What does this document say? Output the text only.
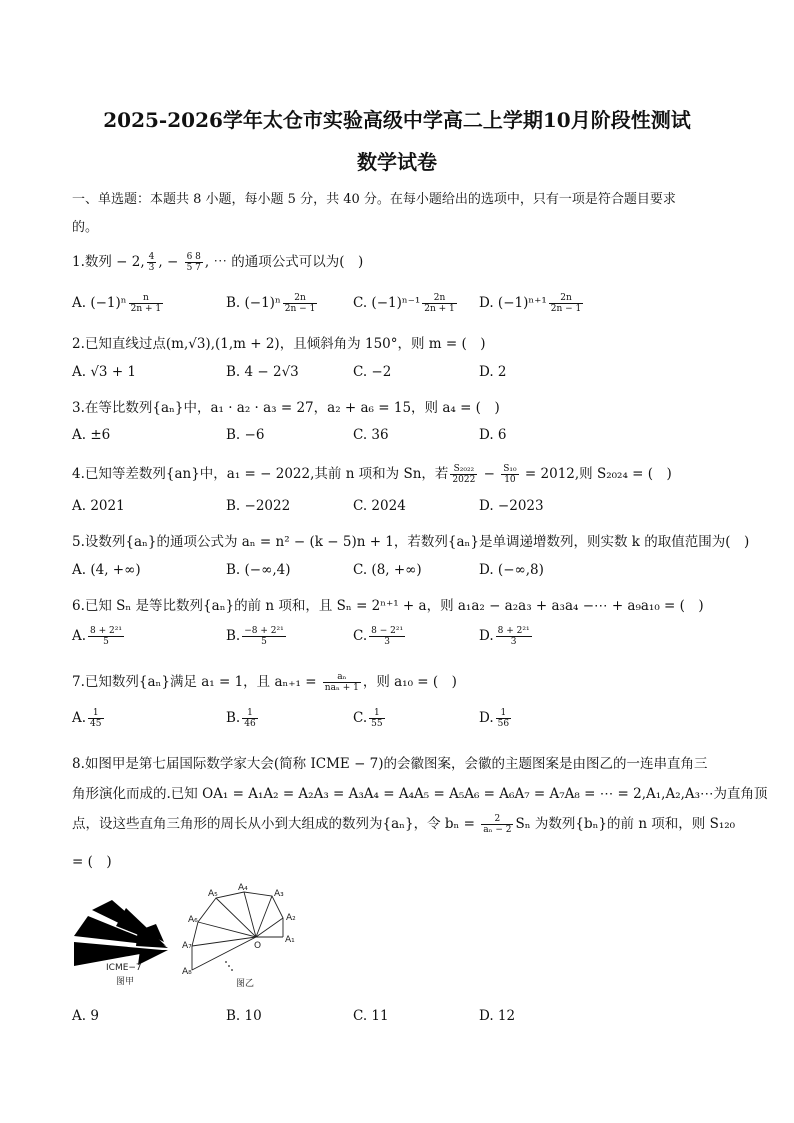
2025-2026学年太仓市实验高级中学高二上学期10月阶段性测试
数学试卷
一、单选题：本题共 8 小题，每小题 5 分，共 40 分。在每小题给出的选项中，只有一项是符合题目要求
的。
1.数列 − 2, $\frac{4}{3}$ , − $\frac{6 8}{5 7}$ , ⋯ 的通项公式可以为(　)
A. $(-1)^n \frac{n}{2n + 1}$	B. $(-1)^n \frac{2n}{2n - 1}$	C. $(-1)^{n-1} \frac{2n}{2n + 1} D$. $(-1)^{n+1} \frac{2n}{2n - 1}$
2.已知直线过点(m,√3),(1,m + 2)，且倾斜角为 150°，则 m = (　)
A. √3 + 1	B. 4 − 2√3	C. −2	D. 2
3.在等比数列{aₙ}中，a₁ · a₂ · a₃ = 27，a₂ + a₆ = 15，则 a₄ = (　)
A. ±6	B. −6	C. 36	D. 6
4.已知等差数列{an}中，a₁ = − 2022,其前 n 项和为 Sn，若 $\frac{\text{S₂₀₂₂}}{2022} - \frac{\text{S₁₀}}{10} = 2012$,则 S₂₀₂₄ = (　)
A. 2021	B. −2022	C. 2024	D. −2023
5.设数列{aₙ}的通项公式为 aₙ = n² − (k − 5)n + 1，若数列{aₙ}是单调递增数列，则实数 k 的取值范围为(　)
A. (4, +∞)	B. (−∞,4)	C. (8, +∞)	D. (−∞,8)
6.已知 Sₙ 是等比数列{aₙ}的前 n 项和，且 Sₙ = 2ⁿ⁺¹ + a，则 a₁a₂ − a₂a₃ + a₃a₄ −⋯ + a₉a₁₀ = (　)
A. $\frac{\text{8 + 2²¹}}{5}$	B. $\frac{\text{−8 + 2²¹}}{5}$	C. $\frac{\text{8 − 2²¹}}{3}$	D. $\frac{\text{8 + 2²¹}}{3}$
7.已知数列{aₙ}满足 a₁ = 1，且 $a_{n+1} = \frac{\text{aₙ}}{\text{naₙ + 1}}$ ，则 a₁₀ = (　)
A. $\frac{1}{45}$	B. $\frac{1}{46}$	C. $\frac{1}{55}$	D. $\frac{1}{56}$
8.如图甲是第七届国际数学家大会(简称 ICME − 7)的会徽图案，会徽的主题图案是由图乙的一连串直角三
角形演化而成的.已知 OA₁ = A₁A₂ = A₂A₃ = A₃A₄ = A₄A₅ = A₅A₆ = A₆A₇ = A₇A₈ = ⋯ = 2,A₁,A₂,A₃⋯为直角顶
点，设这些直角三角形的周长从小到大组成的数列为{aₙ}，令 $b_n = \frac{2}{\text{aₙ − 2}}$ Sₙ 为数列{bₙ}的前 n 项和，则 S₁₂₀
= (　)
ICME−7
图甲
A₁
A₂
A₃
A₄
A₅
A₆
A₇
A₈
O
图乙
A. 9	B. 10	C. 11	D. 12
